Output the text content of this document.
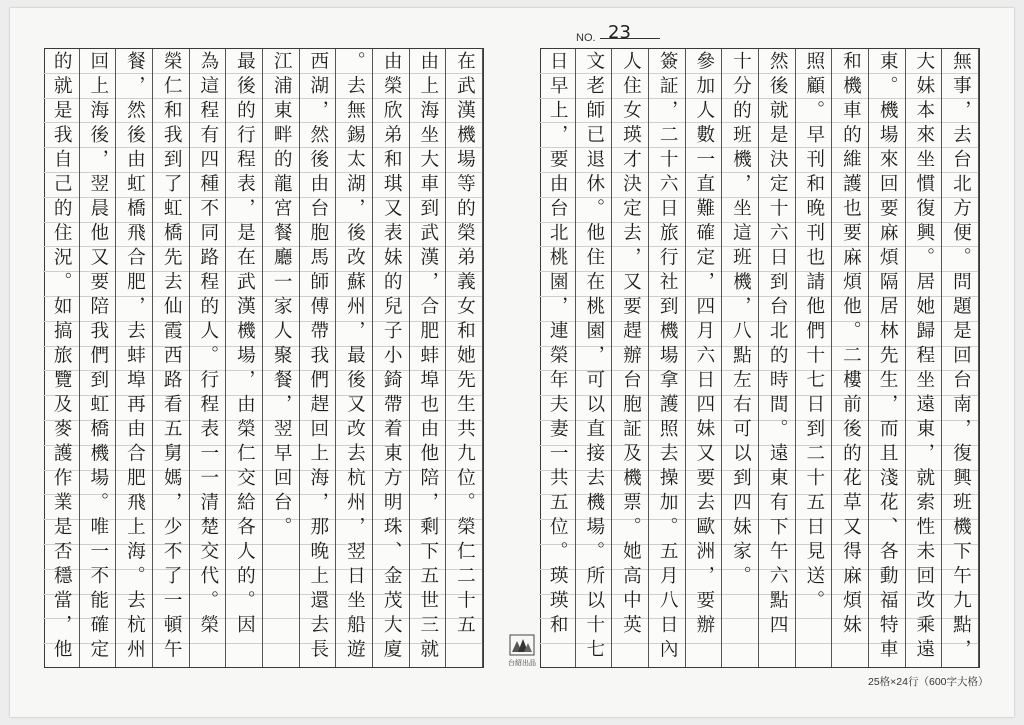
NO. 23
在武漢機場等的榮弟義女和她先生共九位。榮仁二十五
由上海坐大車到武漢，合肥蚌埠也由他陪，剩下五世三就
由榮欣弟和琪又表妹的兒子小錡帶着東方明珠、金茂大廈
。去無錫太湖，後改蘇州，最後又改去杭州，翌日坐船遊
西湖，然後由台胞馬師傅帶我們趕回上海，那晚上還去長
江浦東畔的龍宮餐廳一家人聚餐，翌早回台。
最後的行程表，是在武漢機場，由榮仁交給各人的。因
為這程有四種不同路程的人。行程表一一清楚交代。榮
榮仁和我到了虹橋先去仙霞西路看五舅媽，少不了一頓午
餐，然後由虹橋飛合肥，去蚌埠再由合肥飛上海。去杭州
回上海後，翌晨他又要陪我們到虹橋機場。唯一不能確定
的就是我自己的住況。如搞旅覽及麥護作業是否穩當，他	無事，去台北方便。問題是回台南，復興班機下午九點，
大妹本來坐慣復興。居她歸程坐遠東，就索性未回改乘遠
東。機場來回要麻煩隔居林先生，而且淺花、各動福特車
和機車的維護也要麻煩他。二樓前後的花草又得麻煩妹
照顧。早刊和晚刊也請他們十七日到二十五日見送。
然後就是決定十六日到台北的時間。遠東有下午六點四
十分的班機，坐這班機，八點左右可以到四妹家。
參加人數一直難確定，四月六日四妹又要去歐洲，要辦
簽証，二十六日旅行社到機場拿護照去操加。五月八日內
人住女瑛才決定去，又要趕辦台胞証及機票。她高中英
文老師已退休。他住在桃園，可以直接去機場。所以十七
日早上，要由台北桃園，連榮年夫妻一共五位。瑛瑛和
台紹出品
25格×24行（600字大格）
